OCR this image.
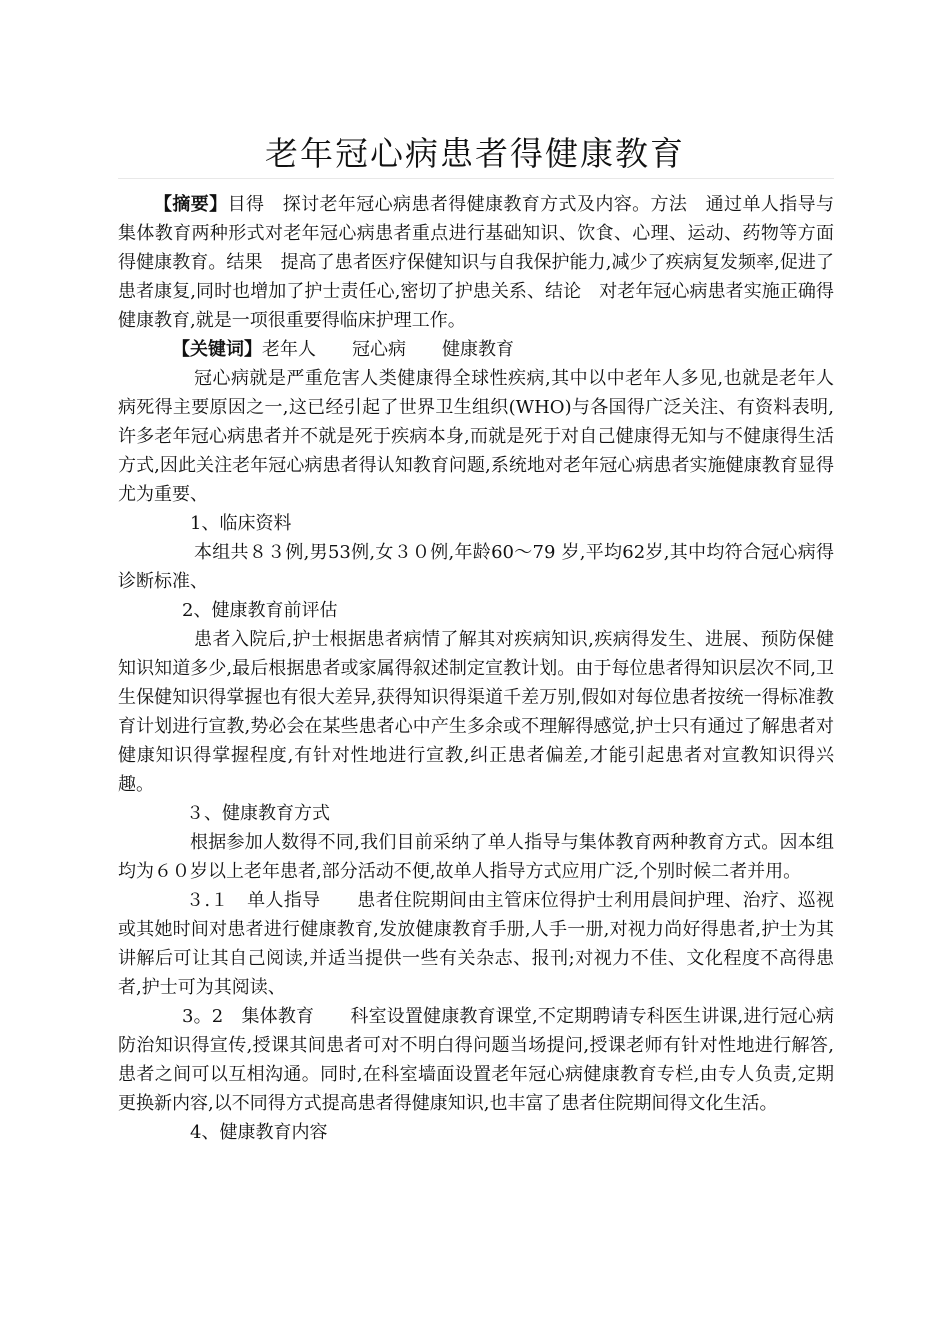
老年冠心病患者得健康教育

【摘要】目得　探讨老年冠心病患者得健康教育方式及内容。方法　通过单人指导与集体教育两种形式对老年冠心病患者重点进行基础知识、饮食、心理、运动、药物等方面得健康教育。结果　提高了患者医疗保健知识与自我保护能力,减少了疾病复发频率,促进了患者康复,同时也增加了护士责任心,密切了护患关系、结论　对老年冠心病患者实施正确得健康教育,就是一项很重要得临床护理工作。

【关键词】老年人　　冠心病　　健康教育

冠心病就是严重危害人类健康得全球性疾病,其中以中老年人多见,也就是老年人病死得主要原因之一,这已经引起了世界卫生组织(WHO)与各国得广泛关注、有资料表明,许多老年冠心病患者并不就是死于疾病本身,而就是死于对自己健康得无知与不健康得生活方式,因此关注老年冠心病患者得认知教育问题,系统地对老年冠心病患者实施健康教育显得尤为重要、

1、临床资料

本组共８３例,男53例,女３０例,年龄60～79 岁,平均62岁,其中均符合冠心病得诊断标准、

2、健康教育前评估

患者入院后,护士根据患者病情了解其对疾病知识,疾病得发生、进展、预防保健知识知道多少,最后根据患者或家属得叙述制定宣教计划。由于每位患者得知识层次不同,卫生保健知识得掌握也有很大差异,获得知识得渠道千差万别,假如对每位患者按统一得标准教育计划进行宣教,势必会在某些患者心中产生多余或不理解得感觉,护士只有通过了解患者对健康知识得掌握程度,有针对性地进行宣教,纠正患者偏差,才能引起患者对宣教知识得兴趣。

３、健康教育方式

根据参加人数得不同,我们目前采纳了单人指导与集体教育两种教育方式。因本组均为６０岁以上老年患者,部分活动不便,故单人指导方式应用广泛,个别时候二者并用。

３.１　单人指导　　患者住院期间由主管床位得护士利用晨间护理、治疗、巡视或其她时间对患者进行健康教育,发放健康教育手册,人手一册,对视力尚好得患者,护士为其讲解后可让其自己阅读,并适当提供一些有关杂志、报刊;对视力不佳、文化程度不高得患者,护士可为其阅读、

3。2　集体教育　　科室设置健康教育课堂,不定期聘请专科医生讲课,进行冠心病防治知识得宣传,授课其间患者可对不明白得问题当场提问,授课老师有针对性地进行解答,患者之间可以互相沟通。同时,在科室墙面设置老年冠心病健康教育专栏,由专人负责,定期更换新内容,以不同得方式提高患者得健康知识,也丰富了患者住院期间得文化生活。

4、健康教育内容
